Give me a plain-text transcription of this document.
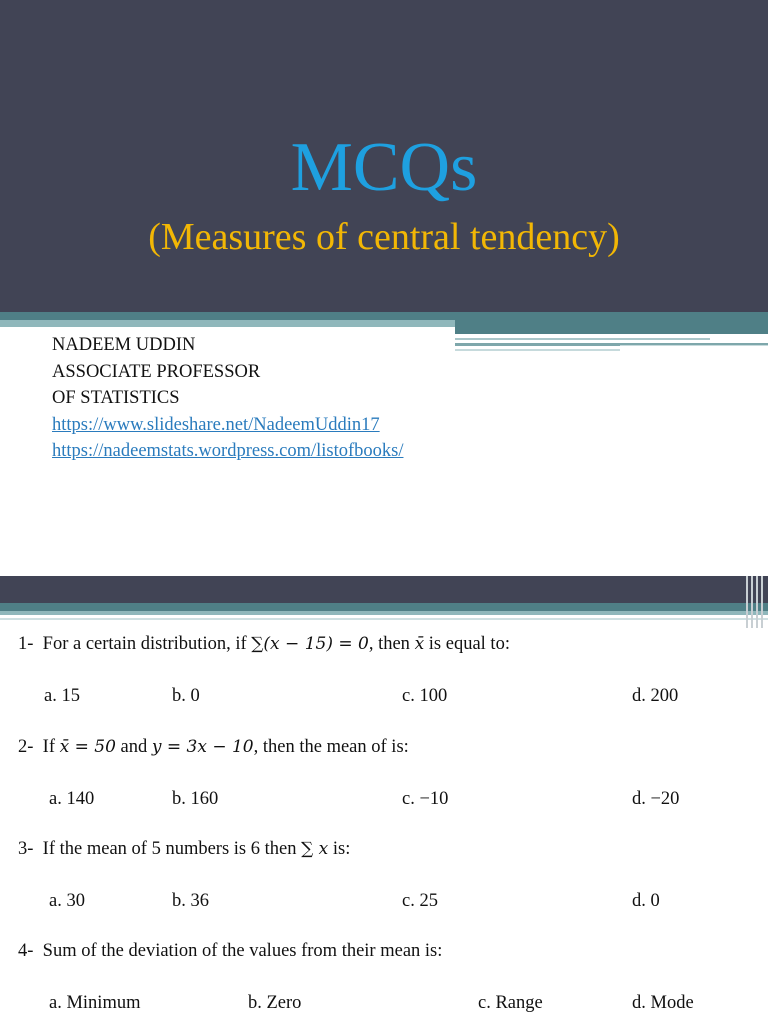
MCQs
(Measures of central tendency)
NADEEM UDDIN
ASSOCIATE PROFESSOR
OF STATISTICS
https://www.slideshare.net/NadeemUddin17
https://nadeemstats.wordpress.com/listofbooks/
1- For a certain distribution, if ∑(x − 15) = 0, then x̄ is equal to:
a. 15	b. 0	c. 100	d. 200
2- If x̄ = 50 and y = 3x − 10, then the mean of is:
a. 140	b. 160	c. −10	d. −20
3- If the mean of 5 numbers is 6 then ∑ x is:
a. 30	b. 36	c. 25	d. 0
4- Sum of the deviation of the values from their mean is:
a. Minimum	b. Zero	c. Range	d. Mode
